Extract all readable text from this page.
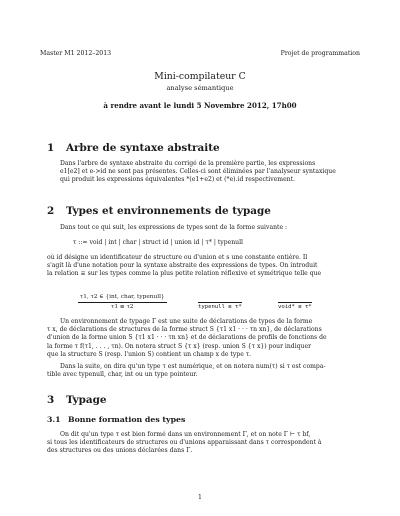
Master M1 2012–2013	Projet de programmation
Mini-compilateur C
analyse sémantique
à rendre avant le lundi 5 Novembre 2012, 17h00
1 Arbre de syntaxe abstraite

Dans l'arbre de syntaxe abstraite du corrigé de la première partie, les expressions

e1[e2] et e->id ne sont pas présentes. Celles-ci sont éliminées par l'analyseur syntaxique

qui produit les expressions équivalentes *(e1+e2) et (*e).id respectivement.

2 Types et environnements de typage

Dans tout ce qui suit, les expressions de types sont de la forme suivante :

τ ::= void | int | char | struct id | union id | τ* | typenull

où id désigne un identificateur de structure ou d'union et s une constante entière. Il

s'agit là d'une notation pour la syntaxe abstraite des expressions de types. On introduit

la relation ≡ sur les types comme la plus petite relation réflexive et symétrique telle que

τ1, τ2 ∈ {int, char, typenull}
τ1 ≡ τ2	typenull ≡ τ*	void* ≡ τ*

Un environnement de typage Γ est une suite de déclarations de types de la forme

τ x, de déclarations de structures de la forme struct S {τ1 x1 · · · τn xn}, de déclarations

d'union de la forme union S {τ1 x1 · · · τn xn} et de déclarations de profils de fonctions de

la forme τ f(τ1, . . . , τn). On notera struct S {τ x} (resp. union S {τ x}) pour indiquer

que la structure S (resp. l'union S) contient un champ x de type τ.

Dans la suite, on dira qu'un type τ est numérique, et on notera num(τ) si τ est compa-

tible avec typenull, char, int ou un type pointeur.

3 Typage
3.1 Bonne formation des types

On dit qu'un type τ est bien formé dans un environnement Γ, et on note Γ ⊢ τ bf,

si tous les identificateurs de structures ou d'unions apparaissant dans τ correspondent à

des structures ou des unions déclarées dans Γ.

1
